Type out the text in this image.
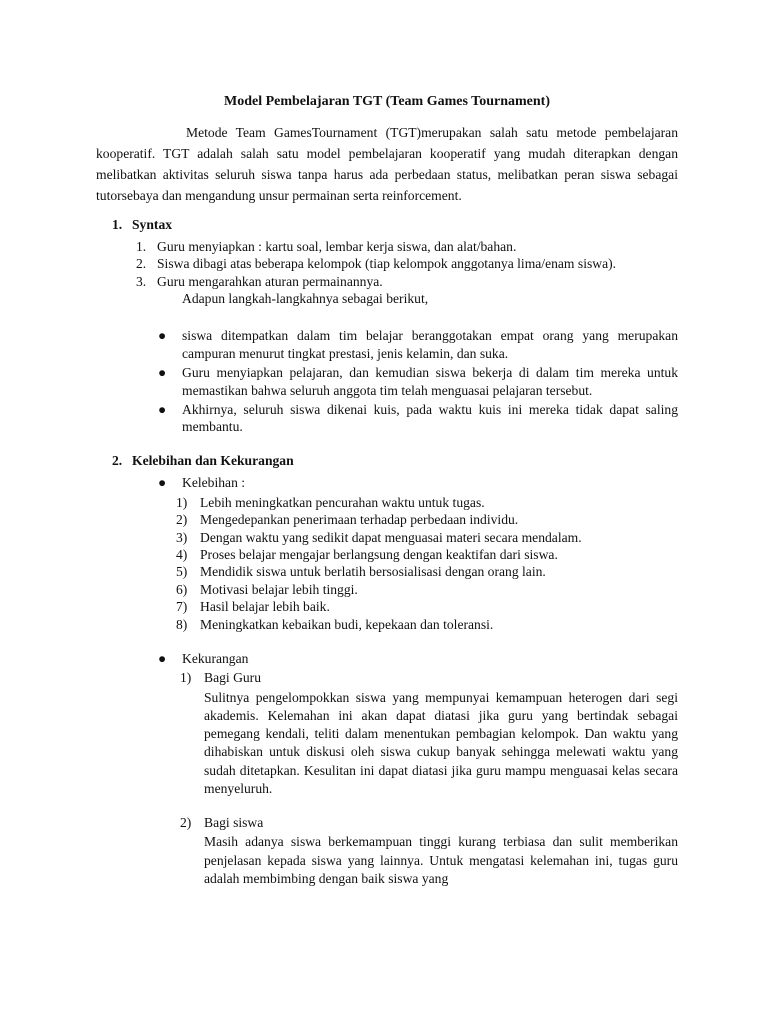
Model Pembelajaran TGT (Team Games Tournament)

Metode Team GamesTournament (TGT)merupakan salah satu metode pembelajaran kooperatif. TGT adalah salah satu model pembelajaran kooperatif yang mudah diterapkan dengan melibatkan aktivitas seluruh siswa tanpa harus ada perbedaan status, melibatkan peran siswa sebagai tutorsebaya dan mengandung unsur permainan serta reinforcement.

1. Syntax

1. Guru menyiapkan : kartu soal, lembar kerja siswa, dan alat/bahan.
2. Siswa dibagi atas beberapa kelompok (tiap kelompok anggotanya lima/enam siswa).
3. Guru mengarahkan aturan permainannya.

Adapun langkah-langkahnya sebagai berikut,

● siswa ditempatkan dalam tim belajar beranggotakan empat orang yang merupakan campuran menurut tingkat prestasi, jenis kelamin, dan suka.
● Guru menyiapkan pelajaran, dan kemudian siswa bekerja di dalam tim mereka untuk memastikan bahwa seluruh anggota tim telah menguasai pelajaran tersebut.
● Akhirnya, seluruh siswa dikenai kuis, pada waktu kuis ini mereka tidak dapat saling membantu.

2. Kelebihan dan Kekurangan

● Kelebihan :

1) Lebih meningkatkan pencurahan waktu untuk tugas.
2) Mengedepankan penerimaan terhadap perbedaan individu.
3) Dengan waktu yang sedikit dapat menguasai materi secara mendalam.
4) Proses belajar mengajar berlangsung dengan keaktifan dari siswa.
5) Mendidik siswa untuk berlatih bersosialisasi dengan orang lain.
6) Motivasi belajar lebih tinggi.
7) Hasil belajar lebih baik.
8) Meningkatkan kebaikan budi, kepekaan dan toleransi.

● Kekurangan

1) Bagi Guru

Sulitnya pengelompokkan siswa yang mempunyai kemampuan heterogen dari segi akademis. Kelemahan ini akan dapat diatasi jika guru yang bertindak sebagai pemegang kendali, teliti dalam menentukan pembagian kelompok. Dan waktu yang dihabiskan untuk diskusi oleh siswa cukup banyak sehingga melewati waktu yang sudah ditetapkan. Kesulitan ini dapat diatasi jika guru mampu menguasai kelas secara menyeluruh.

2) Bagi siswa

Masih adanya siswa berkemampuan tinggi kurang terbiasa dan sulit memberikan penjelasan kepada siswa yang lainnya. Untuk mengatasi kelemahan ini, tugas guru adalah membimbing dengan baik siswa yang
